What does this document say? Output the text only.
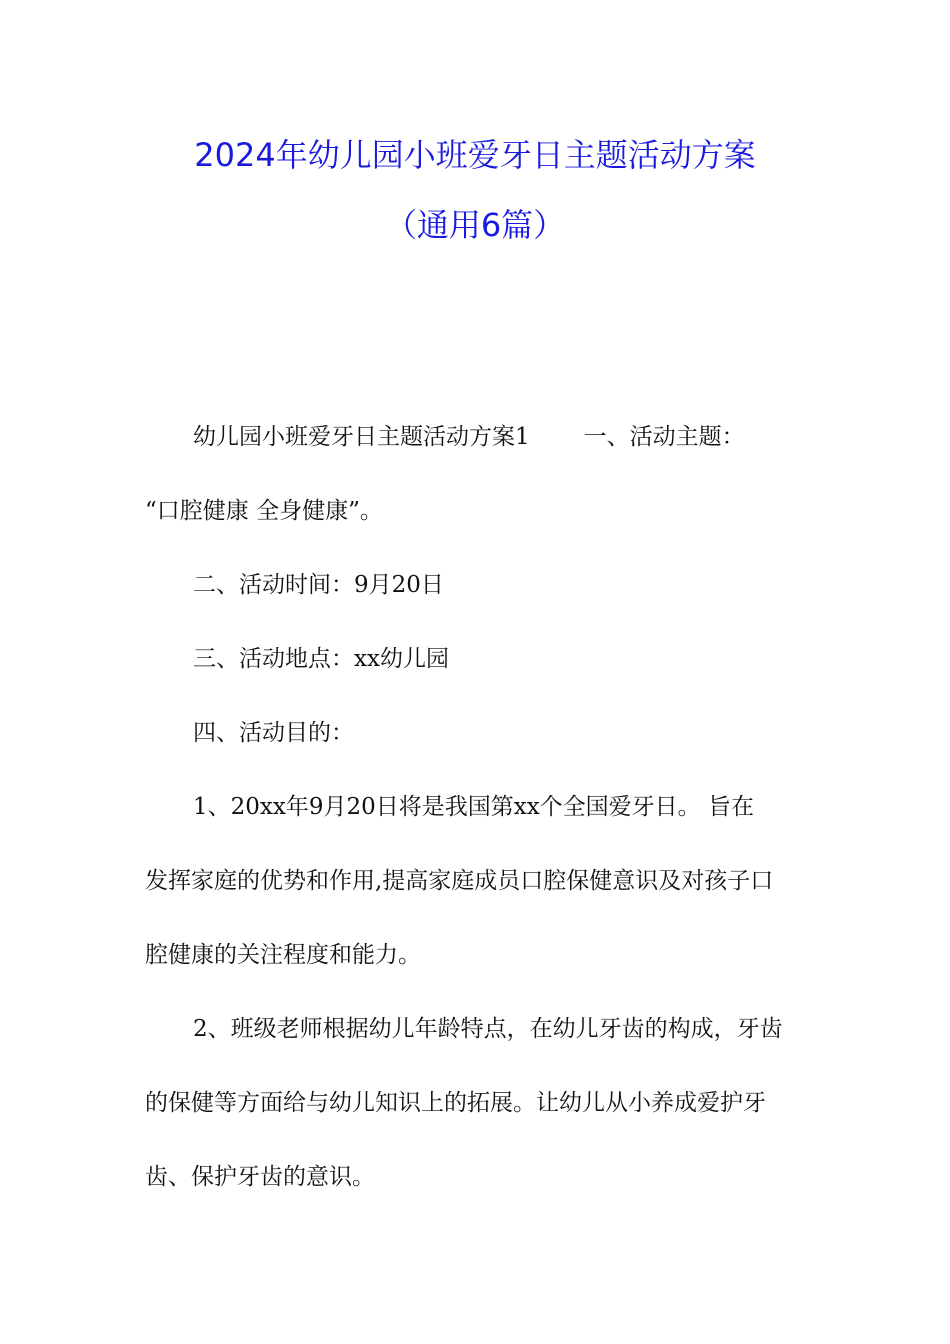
2024年幼儿园小班爱牙日主题活动方案
（通用6篇）
幼儿园小班爱牙日主题活动方案1 一、活动主题：
“口腔健康 全身健康”。
二、活动时间：9月20日
三、活动地点：xx幼儿园
四、活动目的：
1、20xx年9月20日将是我国第xx个全国爱牙日。 旨在
发挥家庭的优势和作用,提高家庭成员口腔保健意识及对孩子口
腔健康的关注程度和能力。
2、班级老师根据幼儿年龄特点，在幼儿牙齿的构成，牙齿
的保健等方面给与幼儿知识上的拓展。让幼儿从小养成爱护牙
齿、保护牙齿的意识。
